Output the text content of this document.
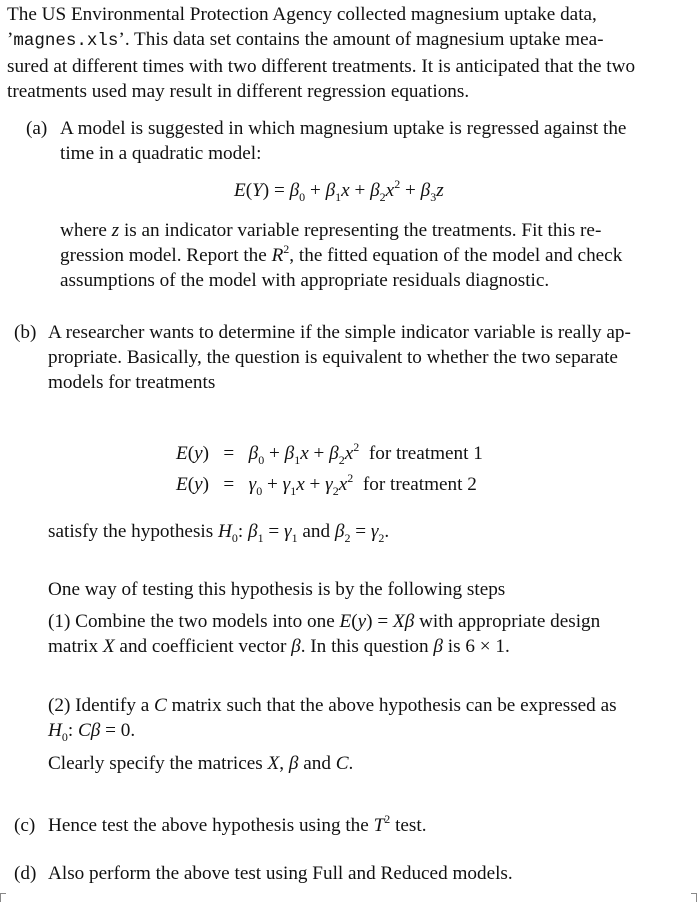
The US Environmental Protection Agency collected magnesium uptake data,
’magnes.xls’. This data set contains the amount of magnesium uptake mea-
sured at different times with two different treatments. It is anticipated that the two
treatments used may result in different regression equations.
(a) A model is suggested in which magnesium uptake is regressed against the
time in a quadratic model:
$E(Y) = \beta_0 + \beta_1x + \beta_2x^2 + \beta_3z$
where z is an indicator variable representing the treatments. Fit this re-
gression model. Report the $R^2$, the fitted equation of the model and check
assumptions of the model with appropriate residuals diagnostic.
(b) A researcher wants to determine if the simple indicator variable is really ap-
propriate. Basically, the question is equivalent to whether the two separate
models for treatments
$E(y) = \beta_0 + \beta_1x + \beta_2x^2$ for treatment 1
$E(y) = \gamma_0 + \gamma_1x + \gamma_2x^2$ for treatment 2
satisfy the hypothesis $H_0$: $\beta_1 = \gamma_1$ and $\beta_2 = \gamma_2$.
One way of testing this hypothesis is by the following steps
(1) Combine the two models into one E(y) = Xβ with appropriate design
matrix X and coefficient vector β. In this question β is 6 × 1.
(2) Identify a C matrix such that the above hypothesis can be expressed as
$H_0$: Cβ = 0.
Clearly specify the matrices X, β and C.
(c) Hence test the above hypothesis using the $T^2$ test.
(d) Also perform the above test using Full and Reduced models.
